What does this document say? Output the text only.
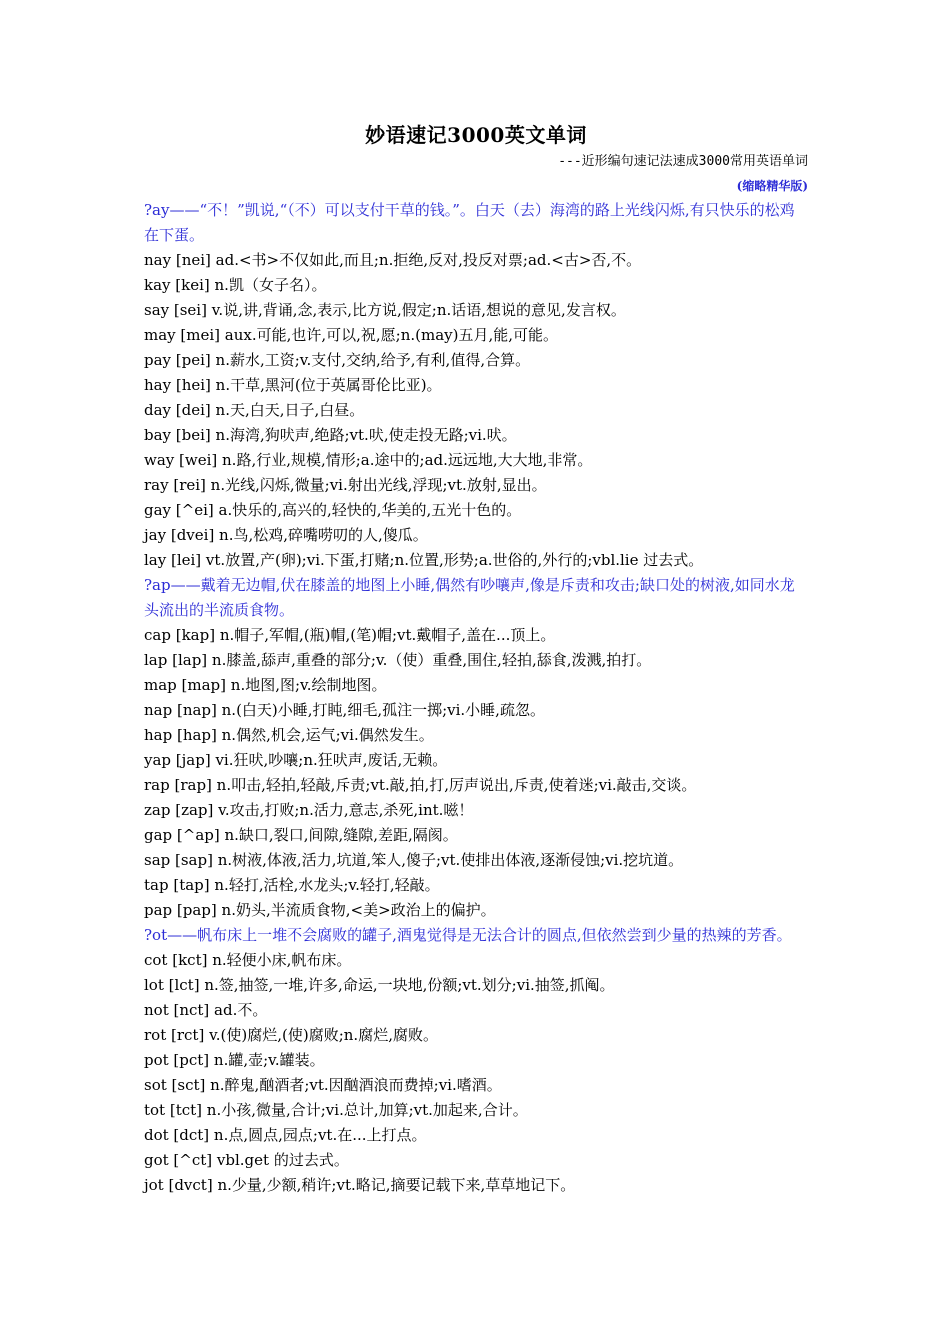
妙语速记3000英文单词

---近形编句速记法速成3000常用英语单词

(缩略精华版)

?ay——“不！”凯说,“（不）可以支付干草的钱。”。白天（去）海湾的路上光线闪烁,有只快乐的松鸡在下蛋。

nay [nei] ad.<书>不仅如此,而且;n.拒绝,反对,投反对票;ad.<古>否,不。

kay [kei] n.凯（女子名）。

say [sei] v.说,讲,背诵,念,表示,比方说,假定;n.话语,想说的意见,发言权。

may [mei] aux.可能,也许,可以,祝,愿;n.(may)五月,能,可能。

pay [pei] n.薪水,工资;v.支付,交纳,给予,有利,值得,合算。

hay [hei] n.干草,黑河(位于英属哥伦比亚)。

day [dei] n.天,白天,日子,白昼。

bay [bei] n.海湾,狗吠声,绝路;vt.吠,使走投无路;vi.吠。

way [wei] n.路,行业,规模,情形;a.途中的;ad.远远地,大大地,非常。

ray [rei] n.光线,闪烁,微量;vi.射出光线,浮现;vt.放射,显出。

gay [^ei] a.快乐的,高兴的,轻快的,华美的,五光十色的。

jay [dvei] n.鸟,松鸡,碎嘴唠叨的人,傻瓜。

lay [lei] vt.放置,产(卵);vi.下蛋,打赌;n.位置,形势;a.世俗的,外行的;vbl.lie 过去式。

?ap——戴着无边帽,伏在膝盖的地图上小睡,偶然有吵嚷声,像是斥责和攻击;缺口处的树液,如同水龙头流出的半流质食物。

cap [kap] n.帽子,军帽,(瓶)帽,(笔)帽;vt.戴帽子,盖在...顶上。

lap [lap] n.膝盖,舔声,重叠的部分;v.（使）重叠,围住,轻拍,舔食,泼溅,拍打。

map [map] n.地图,图;v.绘制地图。

nap [nap] n.(白天)小睡,打盹,细毛,孤注一掷;vi.小睡,疏忽。

hap [hap] n.偶然,机会,运气;vi.偶然发生。

yap [jap] vi.狂吠,吵嚷;n.狂吠声,废话,无赖。

rap [rap] n.叩击,轻拍,轻敲,斥责;vt.敲,拍,打,厉声说出,斥责,使着迷;vi.敲击,交谈。

zap [zap] v.攻击,打败;n.活力,意志,杀死,int.嗞！

gap [^ap] n.缺口,裂口,间隙,缝隙,差距,隔阂。

sap [sap] n.树液,体液,活力,坑道,笨人,傻子;vt.使排出体液,逐渐侵蚀;vi.挖坑道。

tap [tap] n.轻打,活栓,水龙头;v.轻打,轻敲。

pap [pap] n.奶头,半流质食物,<美>政治上的偏护。

?ot——帆布床上一堆不会腐败的罐子,酒鬼觉得是无法合计的圆点,但依然尝到少量的热辣的芳香。

cot [kct] n.轻便小床,帆布床。

lot [lct] n.签,抽签,一堆,许多,命运,一块地,份额;vt.划分;vi.抽签,抓阄。

not [nct] ad.不。

rot [rct] v.(使)腐烂,(使)腐败;n.腐烂,腐败。

pot [pct] n.罐,壶;v.罐装。

sot [sct] n.醉鬼,酗酒者;vt.因酗酒浪而费掉;vi.嗜酒。

tot [tct] n.小孩,微量,合计;vi.总计,加算;vt.加起来,合计。

dot [dct] n.点,圆点,园点;vt.在...上打点。

got [^ct] vbl.get 的过去式。

jot [dvct] n.少量,少额,稍许;vt.略记,摘要记载下来,草草地记下。
